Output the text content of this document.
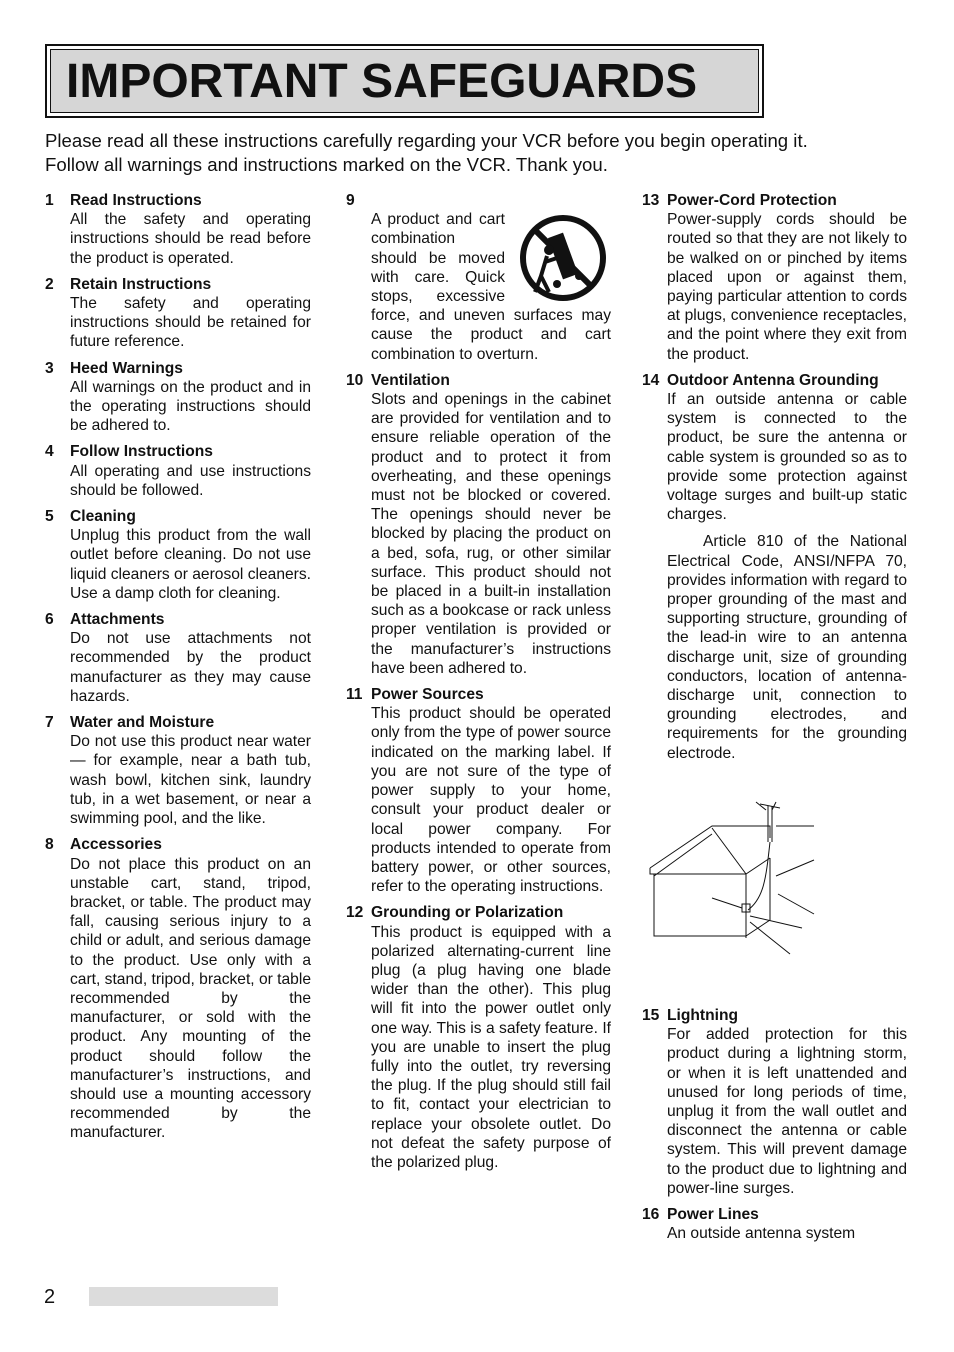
IMPORTANT SAFEGUARDS

Please read all these instructions carefully regarding your VCR before you begin operating it.

Follow all warnings and instructions marked on the VCR. Thank you.

1	Read Instructions

All the safety and operating instructions should be read before the product is operated.

2	Retain Instructions

The safety and operating instructions should be retained for future reference.

3	Heed Warnings

All warnings on the product and in the operating instructions should be adhered to.

4	Follow Instructions

All operating and use instructions should be followed.

5	Cleaning

Unplug this product from the wall outlet before cleaning. Do not use liquid cleaners or aerosol cleaners. Use a damp cloth for cleaning.

6	Attachments

Do not use attachments not recommended by the product manufacturer as they may cause hazards.

7	Water and Moisture

Do not use this product near water — for example, near a bath tub, wash bowl, kitchen sink, laundry tub, in a wet basement, or near a swimming pool, and the like.

8	Accessories

Do not place this product on an unstable cart, stand, tripod, bracket, or table. The product may fall, causing serious injury to a child or adult, and serious damage to the product. Use only with a cart, stand, tripod, bracket, or table recommended by the manufacturer, or sold with the product. Any mounting of the product should follow the manufacturer’s instructions, and should use a mounting accessory recommended by the manufacturer.

9

A product and cart combination should be moved with care. Quick stops, excessive force, and uneven surfaces may cause the product and cart combination to overturn.

10 Ventilation

Slots and openings in the cabinet are provided for ventilation and to ensure reliable operation of the product and to protect it from overheating, and these openings must not be blocked or covered. The openings should never be blocked by placing the product on a bed, sofa, rug, or other similar surface. This product should not be placed in a built-in installation such as a bookcase or rack unless proper ventilation is provided or the manufacturer’s instructions have been adhered to.

11 Power Sources

This product should be operated only from the type of power source indicated on the marking label. If you are not sure of the type of power supply to your home, consult your product dealer or local power company. For products intended to operate from battery power, or other sources, refer to the operating instructions.

12 Grounding or Polarization

This product is equipped with a polarized alternating-current line plug (a plug having one blade wider than the other). This plug will fit into the power outlet only one way. This is a safety feature. If you are unable to insert the plug fully into the outlet, try reversing the plug. If the plug should still fail to fit, contact your electrician to replace your obsolete outlet. Do not defeat the safety purpose of the polarized plug.

13 Power-Cord Protection

Power-supply cords should be routed so that they are not likely to be walked on or pinched by items placed upon or against them, paying particular attention to cords at plugs, convenience receptacles, and the point where they exit from the product.

14 Outdoor Antenna Grounding

If an outside antenna or cable system is connected to the product, be sure the antenna or cable system is grounded so as to provide some protection against voltage surges and built-up static charges.

Article 810 of the National Electrical Code, ANSI/NFPA 70, provides information with regard to proper grounding of the mast and supporting structure, grounding of the lead-in wire to an antenna discharge unit, size of grounding conductors, location of antenna-discharge unit, connection to grounding electrodes, and requirements for the grounding electrode.

15 Lightning

For added protection for this product during a lightning storm, or when it is left unattended and unused for long periods of time, unplug it from the wall outlet and disconnect the antenna or cable system. This will prevent damage to the product due to lightning and power-line surges.

16 Power Lines

An outside antenna system

2
